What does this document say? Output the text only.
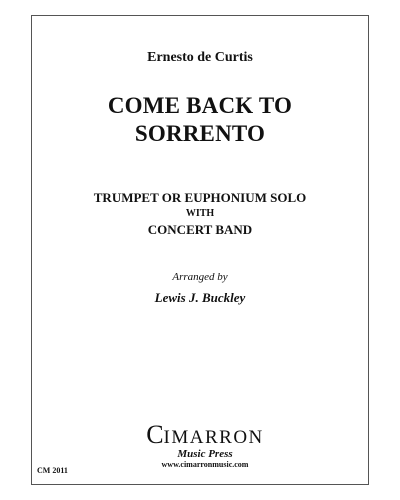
Ernesto de Curtis
COME BACK TO
SORRENTO
TRUMPET OR EUPHONIUM SOLO
WITH
CONCERT BAND
Arranged by
Lewis J. Buckley
CIMARRON
Music Press
www.cimarronmusic.com
CM 2011
